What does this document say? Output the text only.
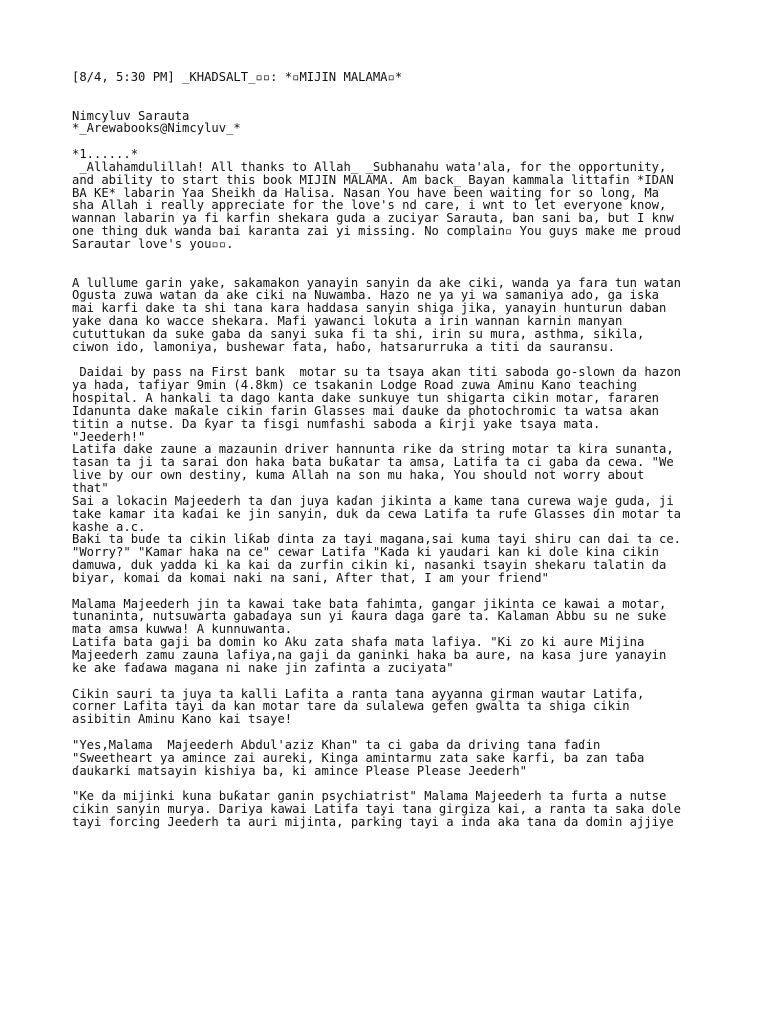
[8/4, 5:30 PM] _KHADSALT_▫▫: *▫MIJIN MALAMA▫*
Nimcyluv Sarauta
*_Arewabooks@Nimcyluv_*
*1......*
_Allahamdulillah! All thanks to Allah_ _Subhanahu wata'ala, for the opportunity,
and ability to start this book MIJIN MALAMA. Am back_ Bayan kammala littafin *IDAN
BA KE* labarin Yaa Sheikh da Halisa. Nasan You have been waiting for so long, Ma
sha Allah i really appreciate for the love's nd care, i wnt to let everyone know,
wannan labarin ya fi karfin shekara guda a zuciyar Sarauta, ban sani ba, but I knw
one thing duk wanda bai karanta zai yi missing. No complain▫ You guys make me proud
Sarautar love's you▫▫.
A lullume garin yake, sakamakon yanayin sanyin da ake ciki, wanda ya fara tun watan
Ogusta zuwa watan da ake ciki na Nuwamba. Hazo ne ya yi wa samaniya ado, ga iska
mai karfi dake ta shi tana kara haddasa sanyin shiga jika, yanayin hunturun daban
yake dana ko wacce shekara. Mafi yawanci lokuta a irin wannan karnin manyan
cututtukan da suke gaba da sanyi suka fi ta shi, irin su mura, asthma, sikila,
ciwon ido, lamoniya, bushewar fata, haɓo, hatsarurruka a titi da sauransu.
Daidai by pass na First bank  motar su ta tsaya akan titi saboda go-slown da hazon
ya hada, tafiyar 9min (4.8km) ce tsakanin Lodge Road zuwa Aminu Kano teaching
hospital. A hankali ta dago kanta dake sunkuye tun shigarta cikin motar, fararen
Idanunta dake maƙale cikin farin Glasses mai ɗauke da photochromic ta watsa akan
titin a nutse. Da ƙyar ta fisgi numfashi saboda a ƙirji yake tsaya mata.
"Jeederh!"
Latifa dake zaune a mazaunin driver hannunta rike da string motar ta kira sunanta,
tasan ta ji ta sarai don haka bata buƙatar ta amsa, Latifa ta ci gaba da cewa. "We
live by our own destiny, kuma Allah na son mu haka, You should not worry about
that"
Sai a lokacin Majeederh ta ɗan juya kaɗan jikinta a kame tana curewa waje guda, ji
take kamar ita kaɗai ke jin sanyin, duk da cewa Latifa ta rufe Glasses ɗin motar ta
kashe a.c.
Baki ta buɗe ta cikin liƙab ɗinta za tayi magana,sai kuma tayi shiru can dai ta ce.
"Worry?" "Kamar haka na ce" cewar Latifa "Kada ki yaudari kan ki dole kina cikin
damuwa, duk yadda ki ka kai da zurfin cikin ki, nasanki tsayin shekaru talatin da
biyar, komai da komai naki na sani, After that, I am your friend"
Malama Majeederh jin ta kawai take bata fahimta, gangar jikinta ce kawai a motar,
tunaninta, nutsuwarta gabaɗaya sun yi ƙaura daga gare ta. Kalaman Abbu su ne suke
mata amsa kuwwa! A kunnuwanta.
Latifa bata gaji ba domin ko Aku zata shafa mata lafiya. "Ki zo ki aure Mijina
Majeederh zamu zauna lafiya,na gaji da ganinki haka ba aure, na kasa jure yanayin
ke ake faɗawa magana ni nake jin zafinta a zuciyata"
Cikin sauri ta juya ta kalli Lafita a ranta tana ayyanna girman wautar Latifa,
corner Lafita tayi da kan motar tare da sulalewa gefen gwalta ta shiga cikin
asibitin Aminu Kano kai tsaye!
"Yes,Malama  Majeederh Abdul'aziz Khan" ta ci gaba da driving tana faɗin
"Sweetheart ya amince zai aureki, Kinga amintarmu zata sake karfi, ba zan taɓa
ɗaukarki matsayin kishiya ba, ki amince Please Please Jeederh"
"Ke da mijinki kuna buƙatar ganin psychiatrist" Malama Majeederh ta furta a nutse
cikin sanyin murya. Dariya kawai Latifa tayi tana girgiza kai, a ranta ta saka dole
tayi forcing Jeederh ta auri mijinta, parking tayi a inda aka tana da domin ajjiye
